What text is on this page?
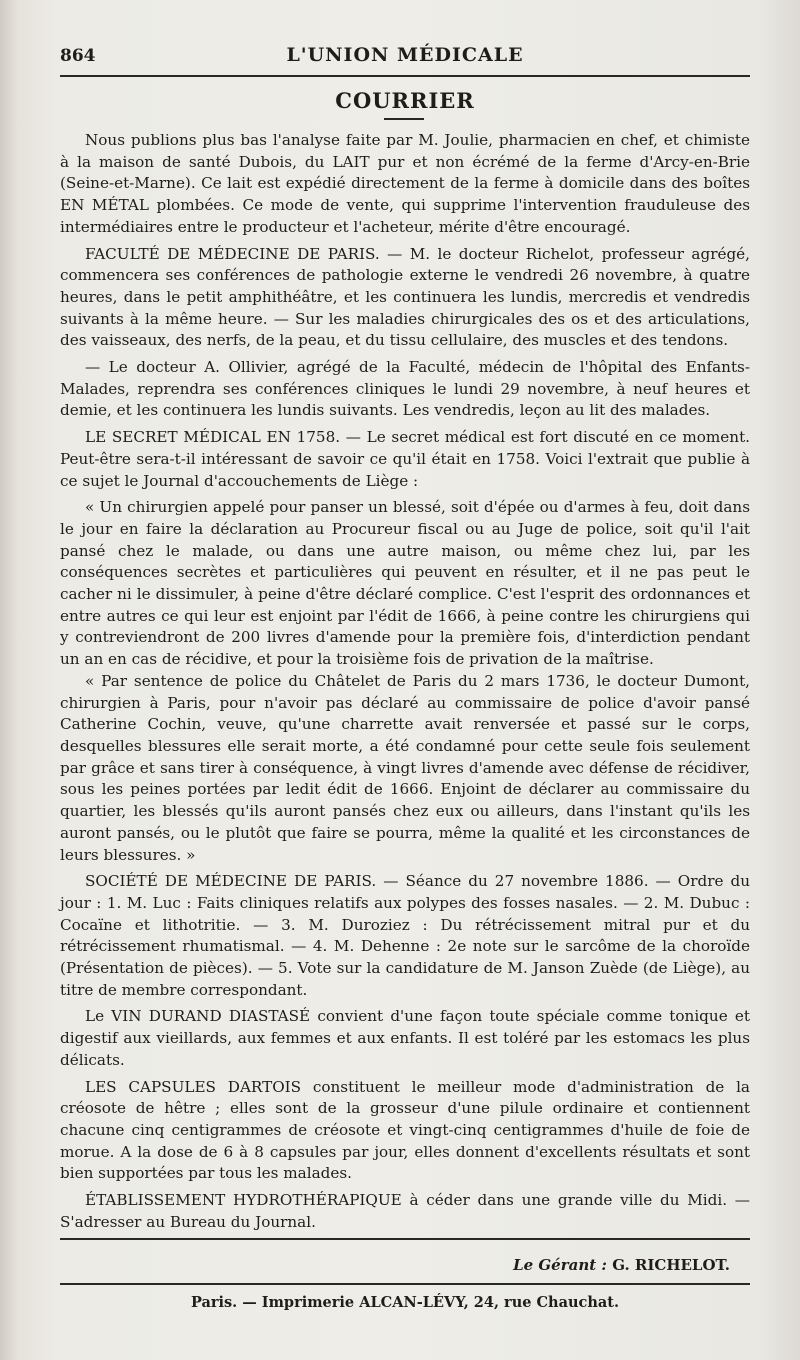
864	L'UNION MÉDICALE
COURRIER

Nous publions plus bas l'analyse faite par M. Joulie, pharmacien en chef, et chimiste à la maison de santé Dubois, du LAIT pur et non écrémé de la ferme d'Arcy-en-Brie (Seine-et-Marne). Ce lait est expédié directement de la ferme à domicile dans des boîtes EN MÉTAL plombées. Ce mode de vente, qui supprime l'intervention frauduleuse des intermédiaires entre le producteur et l'acheteur, mérite d'être encouragé.

FACULTÉ DE MÉDECINE DE PARIS. — M. le docteur Richelot, professeur agrégé, commencera ses conférences de pathologie externe le vendredi 26 novembre, à quatre heures, dans le petit amphithéâtre, et les continuera les lundis, mercredis et vendredis suivants à la même heure. — Sur les maladies chirurgicales des os et des articulations, des vaisseaux, des nerfs, de la peau, et du tissu cellulaire, des muscles et des tendons.

— Le docteur A. Ollivier, agrégé de la Faculté, médecin de l'hôpital des Enfants-Malades, reprendra ses conférences cliniques le lundi 29 novembre, à neuf heures et demie, et les continuera les lundis suivants. Les vendredis, leçon au lit des malades.

LE SECRET MÉDICAL EN 1758. — Le secret médical est fort discuté en ce moment. Peut-être sera-t-il intéressant de savoir ce qu'il était en 1758. Voici l'extrait que publie à ce sujet le Journal d'accouchements de Liège :

« Un chirurgien appelé pour panser un blessé, soit d'épée ou d'armes à feu, doit dans le jour en faire la déclaration au Procureur fiscal ou au Juge de police, soit qu'il l'ait pansé chez le malade, ou dans une autre maison, ou même chez lui, par les conséquences secrètes et particulières qui peuvent en résulter, et il ne pas peut le cacher ni le dissimuler, à peine d'être déclaré complice. C'est l'esprit des ordonnances et entre autres ce qui leur est enjoint par l'édit de 1666, à peine contre les chirurgiens qui y contreviendront de 200 livres d'amende pour la première fois, d'interdiction pendant un an en cas de récidive, et pour la troisième fois de privation de la maîtrise.

« Par sentence de police du Châtelet de Paris du 2 mars 1736, le docteur Dumont, chirurgien à Paris, pour n'avoir pas déclaré au commissaire de police d'avoir pansé Catherine Cochin, veuve, qu'une charrette avait renversée et passé sur le corps, desquelles blessures elle serait morte, a été condamné pour cette seule fois seulement par grâce et sans tirer à conséquence, à vingt livres d'amende avec défense de récidiver, sous les peines portées par ledit édit de 1666. Enjoint de déclarer au commissaire du quartier, les blessés qu'ils auront pansés chez eux ou ailleurs, dans l'instant qu'ils les auront pansés, ou le plutôt que faire se pourra, même la qualité et les circonstances de leurs blessures. »

SOCIÉTÉ DE MÉDECINE DE PARIS. — Séance du 27 novembre 1886. — Ordre du jour : 1. M. Luc : Faits cliniques relatifs aux polypes des fosses nasales. — 2. M. Dubuc : Cocaïne et lithotritie. — 3. M. Duroziez : Du rétrécissement mitral pur et du rétrécissement rhumatismal. — 4. M. Dehenne : 2e note sur le sarcôme de la choroïde (Présentation de pièces). — 5. Vote sur la candidature de M. Janson Zuède (de Liège), au titre de membre correspondant.

Le VIN DURAND DIASTASÉ convient d'une façon toute spéciale comme tonique et digestif aux vieillards, aux femmes et aux enfants. Il est toléré par les estomacs les plus délicats.

LES CAPSULES DARTOIS constituent le meilleur mode d'administration de la créosote de hêtre ; elles sont de la grosseur d'une pilule ordinaire et contiennent chacune cinq centigrammes de créosote et vingt-cinq centigrammes d'huile de foie de morue. A la dose de 6 à 8 capsules par jour, elles donnent d'excellents résultats et sont bien supportées par tous les malades.

ÉTABLISSEMENT HYDROTHÉRAPIQUE à céder dans une grande ville du Midi. — S'adresser au Bureau du Journal.

Le Gérant : G. RICHELOT.
Paris. — Imprimerie ALCAN-LÉVY, 24, rue Chauchat.
